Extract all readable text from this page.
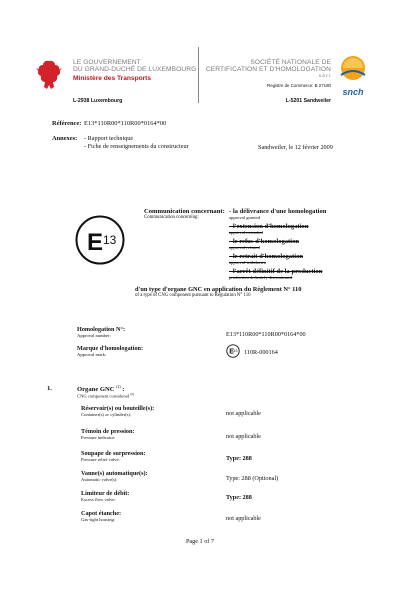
LE GOUVERNEMENT
DU GRAND-DUCHÉ DE LUXEMBOURG
Ministère des Transports
L-2938 Luxembourg
SOCIÉTÉ NATIONALE DE
CERTIFICATION ET D'HOMOLOGATION
s.à r.l.
Registre de Commerce: B 27180
L-5201 Sandweiler
snch
Référence: E13*110R00*110R00*0164*00
Annexes: - Rapport technique
- Fiche de renseignements du constructeur	Sandweiler, le 12 février 2009
E 13
Communication concernant:
Communication concerning:
- la délivrance d'une homologation
approval granted
- l'extension d'homologation
approval extended
- le refus d'homologation
approval refused
- le retrait d'homologation
approval withdrawn
- l'arrêt définitif de la production
production definitely discontinued
d'un type d'organe GNC en application du Règlement N° 110
of a type of CNG component pursuant to Regulation N° 110
Homologation N°:
Approval number:	E13*110R00*110R00*0164*00
Marque d'homologation:
Approval mark:	E 13 110R-000164
1.	Organe GNC $^{(2)}$ :
CNG component considered $^{(2)}$
Réservoir(s) ou bouteille(s):
Container(s) or cylinder(s):	not applicable
Témoin de pression:
Pressure indicator:	not applicable
Soupape de surpression:
Pressure relief valve:	Type: 288
Vanne(s) automatique(s):
Automatic valve(s):	Type: 288 (Optional)
Limiteur de débit:
Excess flow valve:	Type: 288
Capot étanche:
Gas-tight housing:	not applicable
Page 1 of 7
